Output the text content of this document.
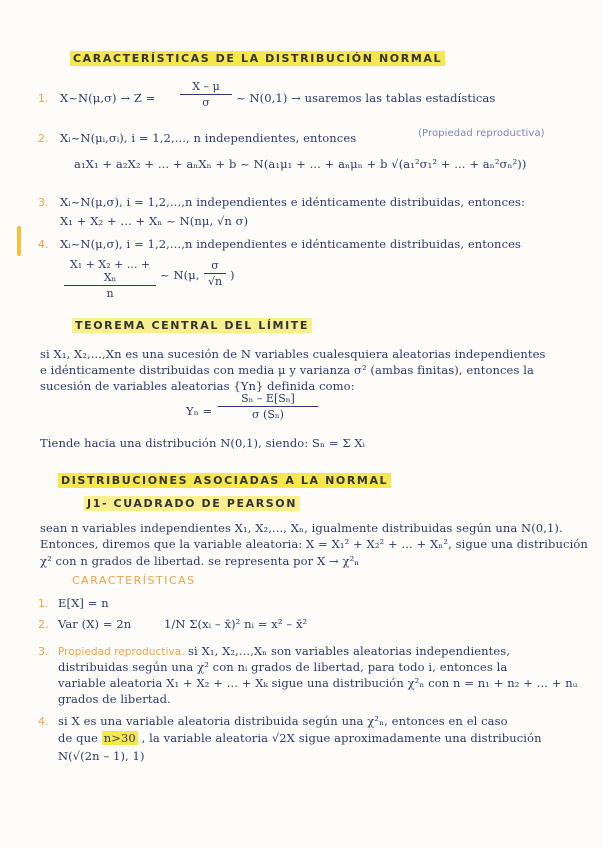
CARACTERÍSTICAS DE LA DISTRIBUCIÓN NORMAL
1. X~N(μ,σ) → $Z = \frac{X - \mu}{\sigma}$ ~ N(0,1) → usaremos las tablas estadísticas
2. Xᵢ~N(μᵢ,σᵢ), i = 1,2,..., n independientes, entonces	(Propiedad reproductiva)
a₁X₁ + a₂X₂ + ... + aₙXₙ + b ~ N(a₁μ₁ + ... + aₙμₙ + b √(a₁²σ₁² + ... + aₙ²σₙ²))
3. Xᵢ~N(μ,σ), i = 1,2,...,n independientes e idénticamente distribuidas, entonces:
X₁ + X₂ + ... + Xₙ ~ N(nμ, √n σ)
4. Xᵢ~N(μ,σ), i = 1,2,...,n independientes e idénticamente distribuidas, entonces
$\frac{\text{X₁ + X₂ + ... + Xₙ}}{n}$ ~ N(μ, $\frac{\sigma}{√n}$ )
TEOREMA CENTRAL DEL LÍMITE
si X₁, X₂,...,Xn es una sucesión de N variables cualesquiera aleatorias independientes
e idénticamente distribuidas con media μ y varianza σ² (ambas finitas), entonces la
sucesión de variables aleatorias {Yn} definida como:
$Y_n = \frac{\text{Sₙ – E[Sₙ]}}{\text{σ (Sₙ)}}$
Tiende hacia una distribución N(0,1), siendo: Sₙ = Σ Xᵢ
DISTRIBUCIONES ASOCIADAS A LA NORMAL
J1- CUADRADO DE PEARSON
sean n variables independientes X₁, X₂,..., Xₙ, igualmente distribuidas según una N(0,1).
Entonces, diremos que la variable aleatoria: X = X₁² + X₂² + ... + Xₙ², sigue una distribución
χ² con n grados de libertad. se representa por X → χ²ₙ
CARACTERÍSTICAS
1. E[X] = n
2. Var (X) = 2n	1/N Σ(xᵢ – x̄)² nᵢ = x² – x̄²
3. Propiedad reproductiva. si X₁, X₂,...,Xₙ son variables aleatorias independientes,
distribuidas según una χ² con nᵢ grados de libertad, para todo i, entonces la
variable aleatoria X₁ + X₂ + ... + Xₖ sigue una distribución χ²ₙ con n = n₁ + n₂ + ... + nᵤ
grados de libertad.
4. si X es una variable aleatoria distribuida según una χ²ₙ, entonces en el caso
de que n>30 , la variable aleatoria √2X sigue aproximadamente una distribución
N(√(2n – 1), 1)
